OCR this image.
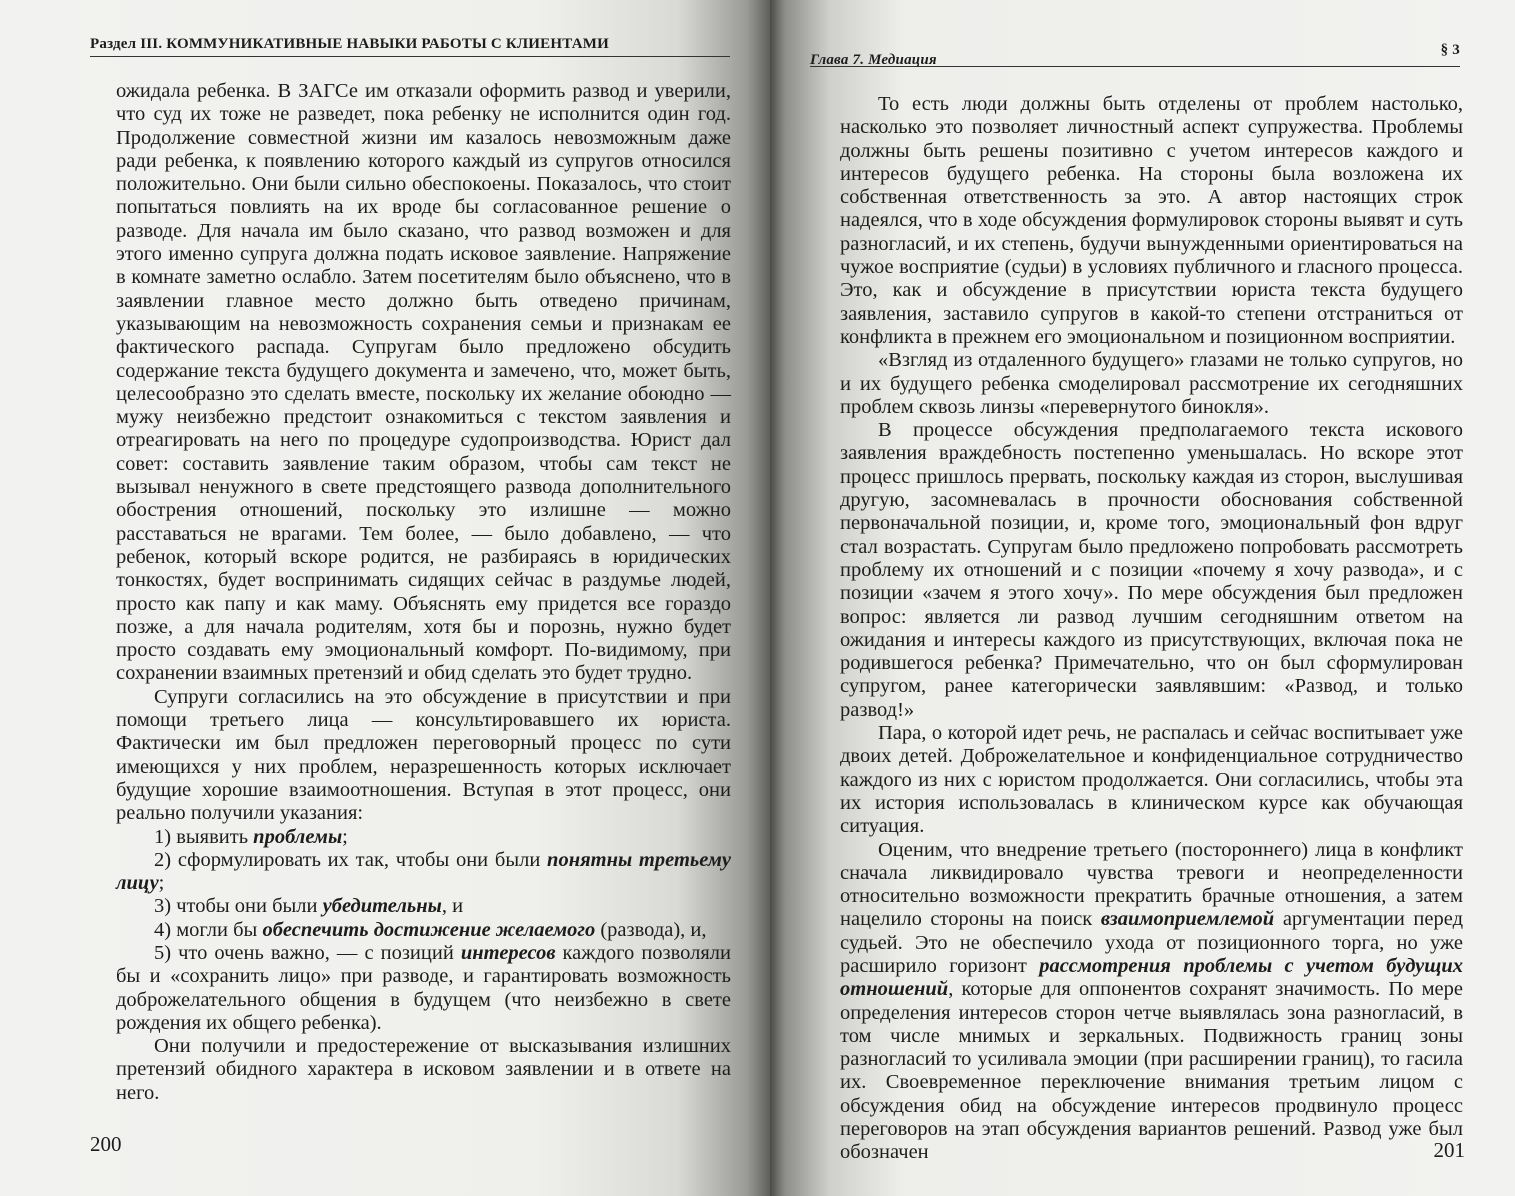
Раздел III. КОММУНИКАТИВНЫЕ НАВЫКИ РАБОТЫ С КЛИЕНТАМИ

ожидала ребенка. В ЗАГСе им отказали оформить развод и уверили, что суд их тоже не разведет, пока ребенку не исполнится один год. Продолжение совместной жизни им казалось невозможным даже ради ребенка, к появлению которого каждый из супругов относился положительно. Они были сильно обеспокоены. Показалось, что стоит попытаться повлиять на их вроде бы согласованное решение о разводе. Для начала им было сказано, что развод возможен и для этого именно супруга должна подать исковое заявление. Напряжение в комнате заметно ослабло. Затем посетителям было объяснено, что в заявлении главное место должно быть отведено причинам, указывающим на невозможность сохранения семьи и признакам ее фактического распада. Супругам было предложено обсудить содержание текста будущего документа и замечено, что, может быть, целесообразно это сделать вместе, поскольку их желание обоюдно — мужу неизбежно предстоит ознакомиться с текстом заявления и отреагировать на него по процедуре судопроизводства. Юрист дал совет: составить заявление таким образом, чтобы сам текст не вызывал ненужного в свете предстоящего развода дополнительного обострения отношений, поскольку это излишне — можно расставаться не врагами. Тем более, — было добавлено, — что ребенок, который вскоре родится, не разбираясь в юридических тонкостях, будет воспринимать сидящих сейчас в раздумье людей, просто как папу и как маму. Объяснять ему придется все гораздо позже, а для начала родителям, хотя бы и порознь, нужно будет просто создавать ему эмоциональный комфорт. По-видимому, при сохранении взаимных претензий и обид сделать это будет трудно.

Супруги согласились на это обсуждение в присутствии и при помощи третьего лица — консультировавшего их юриста. Фактически им был предложен переговорный процесс по сути имеющихся у них проблем, неразрешенность которых исключает будущие хорошие взаимоотношения. Вступая в этот процесс, они реально получили указания:

1) выявить проблемы;

2) сформулировать их так, чтобы они были понятны третьему лицу;

3) чтобы они были убедительны, и

4) могли бы обеспечить достижение желаемого (развода), и,

5) что очень важно, — с позиций интересов каждого позволяли бы и «сохранить лицо» при разводе, и гарантировать возможность доброжелательного общения в будущем (что неизбежно в свете рождения их общего ребенка).

Они получили и предостережение от высказывания излишних претензий обидного характера в исковом заявлении и в ответе на него.

200
Глава 7. Медиация
§ 3

То есть люди должны быть отделены от проблем настолько, насколько это позволяет личностный аспект супружества. Проблемы должны быть решены позитивно с учетом интересов каждого и интересов будущего ребенка. На стороны была возложена их собственная ответственность за это. А автор настоящих строк надеялся, что в ходе обсуждения формулировок стороны выявят и суть разногласий, и их степень, будучи вынужденными ориентироваться на чужое восприятие (судьи) в условиях публичного и гласного процесса. Это, как и обсуждение в присутствии юриста текста будущего заявления, заставило супругов в какой-то степени отстраниться от конфликта в прежнем его эмоциональном и позиционном восприятии.

«Взгляд из отдаленного будущего» глазами не только супругов, но и их будущего ребенка смоделировал рассмотрение их сегодняшних проблем сквозь линзы «перевернутого бинокля».

В процессе обсуждения предполагаемого текста искового заявления враждебность постепенно уменьшалась. Но вскоре этот процесс пришлось прервать, поскольку каждая из сторон, выслушивая другую, засомневалась в прочности обоснования собственной первоначальной позиции, и, кроме того, эмоциональный фон вдруг стал возрастать. Супругам было предложено попробовать рассмотреть проблему их отношений и с позиции «почему я хочу развода», и с позиции «зачем я этого хочу». По мере обсуждения был предложен вопрос: является ли развод лучшим сегодняшним ответом на ожидания и интересы каждого из присутствующих, включая пока не родившегося ребенка? Примечательно, что он был сформулирован супругом, ранее категорически заявлявшим: «Развод, и только развод!»

Пара, о которой идет речь, не распалась и сейчас воспитывает уже двоих детей. Доброжелательное и конфиденциальное сотрудничество каждого из них с юристом продолжается. Они согласились, чтобы эта их история использовалась в клиническом курсе как обучающая ситуация.

Оценим, что внедрение третьего (постороннего) лица в конфликт сначала ликвидировало чувства тревоги и неопределенности относительно возможности прекратить брачные отношения, а затем нацелило стороны на поиск взаимоприемлемой аргументации перед судьей. Это не обеспечило ухода от позиционного торга, но уже расширило горизонт рассмотрения проблемы с учетом будущих отношений, которые для оппонентов сохранят значимость. По мере определения интересов сторон четче выявлялась зона разногласий, в том числе мнимых и зеркальных. Подвижность границ зоны разногласий то усиливала эмоции (при расширении границ), то гасила их. Своевременное переключение внимания третьим лицом с обсуждения обид на обсуждение интересов продвинуло процесс переговоров на этап обсуждения вариантов решений. Развод уже был обозначен	201
